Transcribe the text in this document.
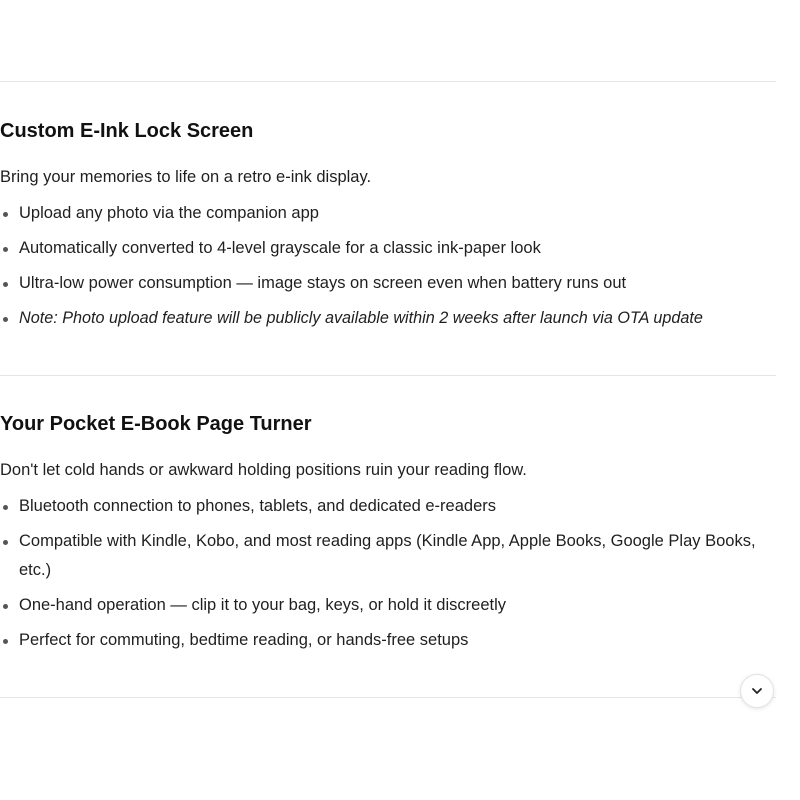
Custom E-Ink Lock Screen

Bring your memories to life on a retro e-ink display.

Upload any photo via the companion app
Automatically converted to 4-level grayscale for a classic ink-paper look
Ultra-low power consumption — image stays on screen even when battery runs out
Note: Photo upload feature will be publicly available within 2 weeks after launch via OTA update
Your Pocket E-Book Page Turner

Don't let cold hands or awkward holding positions ruin your reading flow.

Bluetooth connection to phones, tablets, and dedicated e-readers
Compatible with Kindle, Kobo, and most reading apps (Kindle App, Apple Books, Google Play Books, etc.)
One-hand operation — clip it to your bag, keys, or hold it discreetly
Perfect for commuting, bedtime reading, or hands-free setups
